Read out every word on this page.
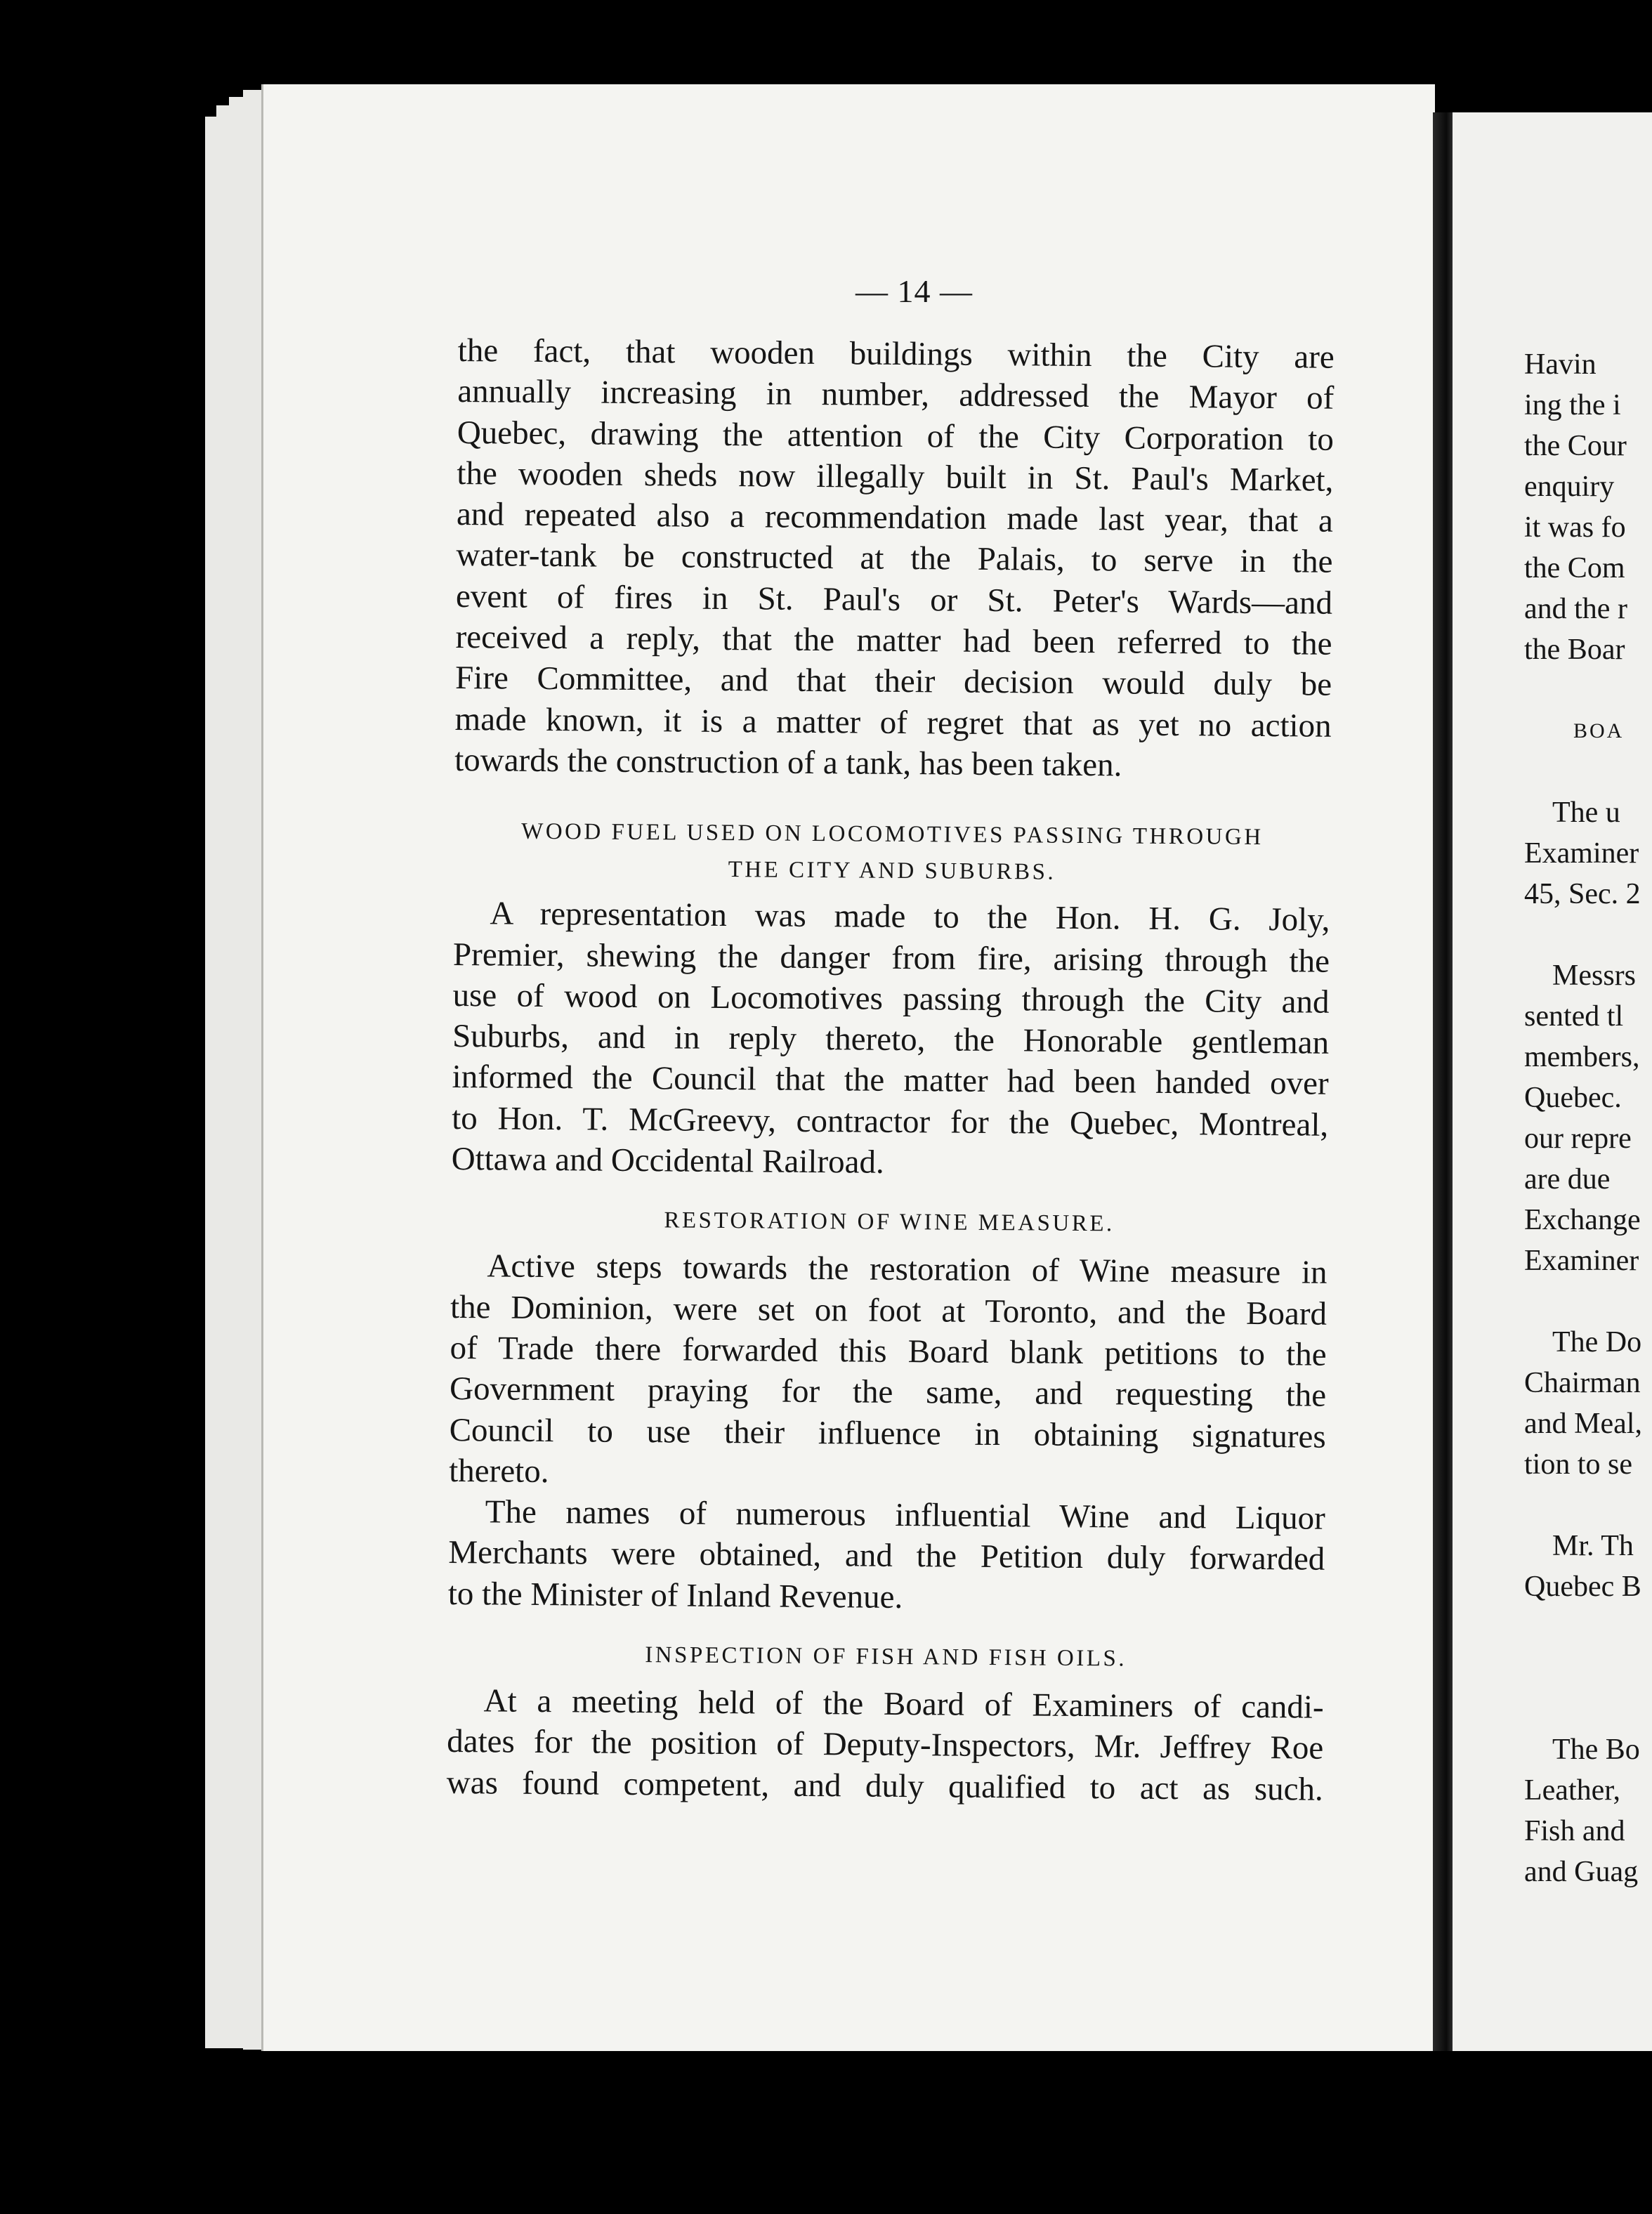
— 14 —

the fact, that wooden buildings within the City are
annually increasing in number, addressed the Mayor of
Quebec, drawing the attention of the City Corporation to
the wooden sheds now illegally built in St. Paul's Market,
and repeated also a recommendation made last year, that a
water-tank be constructed at the Palais, to serve in the
event of fires in St. Paul's or St. Peter's Wards—and
received a reply, that the matter had been referred to the
Fire Committee, and that their decision would duly be
made known, it is a matter of regret that as yet no action
towards the construction of a tank, has been taken.

WOOD FUEL USED ON LOCOMOTIVES PASSING THROUGH
THE CITY AND SUBURBS.

A representation was made to the Hon. H. G. Joly,
Premier, shewing the danger from fire, arising through the
use of wood on Locomotives passing through the City and
Suburbs, and in reply thereto, the Honorable gentleman
informed the Council that the matter had been handed over
to Hon. T. McGreevy, contractor for the Quebec, Montreal,
Ottawa and Occidental Railroad.

RESTORATION OF WINE MEASURE.

Active steps towards the restoration of Wine measure in
the Dominion, were set on foot at Toronto, and the Board
of Trade there forwarded this Board blank petitions to the
Government praying for the same, and requesting the
Council to use their influence in obtaining signatures
thereto.

The names of numerous influential Wine and Liquor
Merchants were obtained, and the Petition duly forwarded
to the Minister of Inland Revenue.

INSPECTION OF FISH AND FISH OILS.

At a meeting held of the Board of Examiners of candi-
dates for the position of Deputy-Inspectors, Mr. Jeffrey Roe
was found competent, and duly qualified to act as such.

Havin
ing the i
the Cour
enquiry
it was fo
the Com
and the r
the Boar
BOA
The u
Examiner
45, Sec. 2
Messrs
sented tl
members,
Quebec.
our repre
are due
Exchange
Examiner
The Do
Chairman
and Meal,
tion to se
Mr. Th
Quebec B
The Bo
Leather,
Fish and
and Guag
